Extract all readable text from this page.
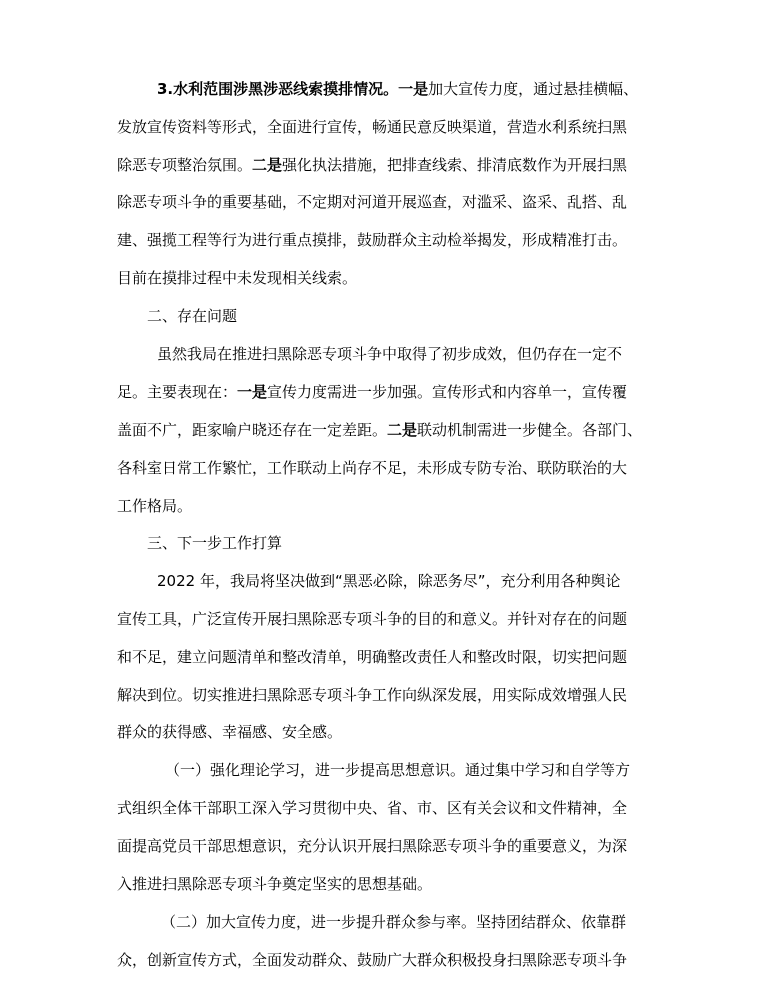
3.水利范围涉黑涉恶线索摸排情况。一是加大宣传力度，通过悬挂横幅、
发放宣传资料等形式，全面进行宣传，畅通民意反映渠道，营造水利系统扫黑
除恶专项整治氛围。二是强化执法措施，把排查线索、排清底数作为开展扫黑
除恶专项斗争的重要基础，不定期对河道开展巡查，对滥采、盗采、乱搭、乱
建、强揽工程等行为进行重点摸排，鼓励群众主动检举揭发，形成精准打击。
目前在摸排过程中未发现相关线索。
二、存在问题
虽然我局在推进扫黑除恶专项斗争中取得了初步成效，但仍存在一定不
足。主要表现在：一是宣传力度需进一步加强。宣传形式和内容单一，宣传覆
盖面不广，距家喻户晓还存在一定差距。二是联动机制需进一步健全。各部门、
各科室日常工作繁忙，工作联动上尚存不足，未形成专防专治、联防联治的大
工作格局。
三、下一步工作打算
2022 年，我局将坚决做到“黑恶必除，除恶务尽”，充分利用各种舆论
宣传工具，广泛宣传开展扫黑除恶专项斗争的目的和意义。并针对存在的问题
和不足，建立问题清单和整改清单，明确整改责任人和整改时限，切实把问题
解决到位。切实推进扫黑除恶专项斗争工作向纵深发展，用实际成效增强人民
群众的获得感、幸福感、安全感。
（一）强化理论学习，进一步提高思想意识。通过集中学习和自学等方
式组织全体干部职工深入学习贯彻中央、省、市、区有关会议和文件精神，全
面提高党员干部思想意识，充分认识开展扫黑除恶专项斗争的重要意义，为深
入推进扫黑除恶专项斗争奠定坚实的思想基础。
（二）加大宣传力度，进一步提升群众参与率。坚持团结群众、依靠群
众，创新宣传方式，全面发动群众、鼓励广大群众积极投身扫黑除恶专项斗争
